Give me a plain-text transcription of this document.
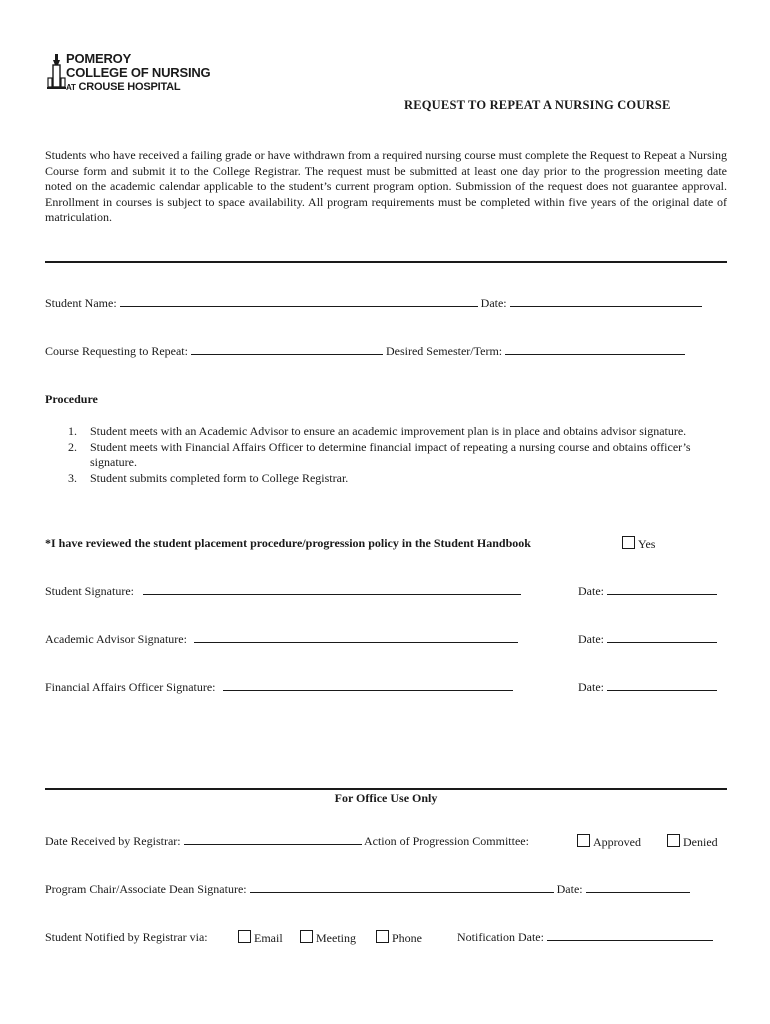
POMEROY
COLLEGE OF NURSING
AT CROUSE HOSPITAL
REQUEST TO REPEAT A NURSING COURSE
Students who have received a failing grade or have withdrawn from a required nursing course must complete the Request to Repeat a Nursing Course form and submit it to the College Registrar. The request must be submitted at least one day prior to the progression meeting date noted on the academic calendar applicable to the student’s current program option. Submission of the request does not guarantee approval. Enrollment in courses is subject to space availability. All program requirements must be completed within five years of the original date of matriculation.
Student Name:	Date:
Course Requesting to Repeat:	Desired Semester/Term:
Procedure
1.	Student meets with an Academic Advisor to ensure an academic improvement plan is in place and obtains advisor signature.
2.	Student meets with Financial Affairs Officer to determine financial impact of repeating a nursing course and obtains officer’s signature.
3.	Student submits completed form to College Registrar.
*I have reviewed the student placement procedure/progression policy in the Student Handbook	Yes
Student Signature:	Date:
Academic Advisor Signature:	Date:
Financial Affairs Officer Signature:	Date:
For Office Use Only
Date Received by Registrar:	Action of Progression Committee:	Approved	Denied
Program Chair/Associate Dean Signature:	Date:
Student Notified by Registrar via:	Email	Meeting	Phone	Notification Date:
